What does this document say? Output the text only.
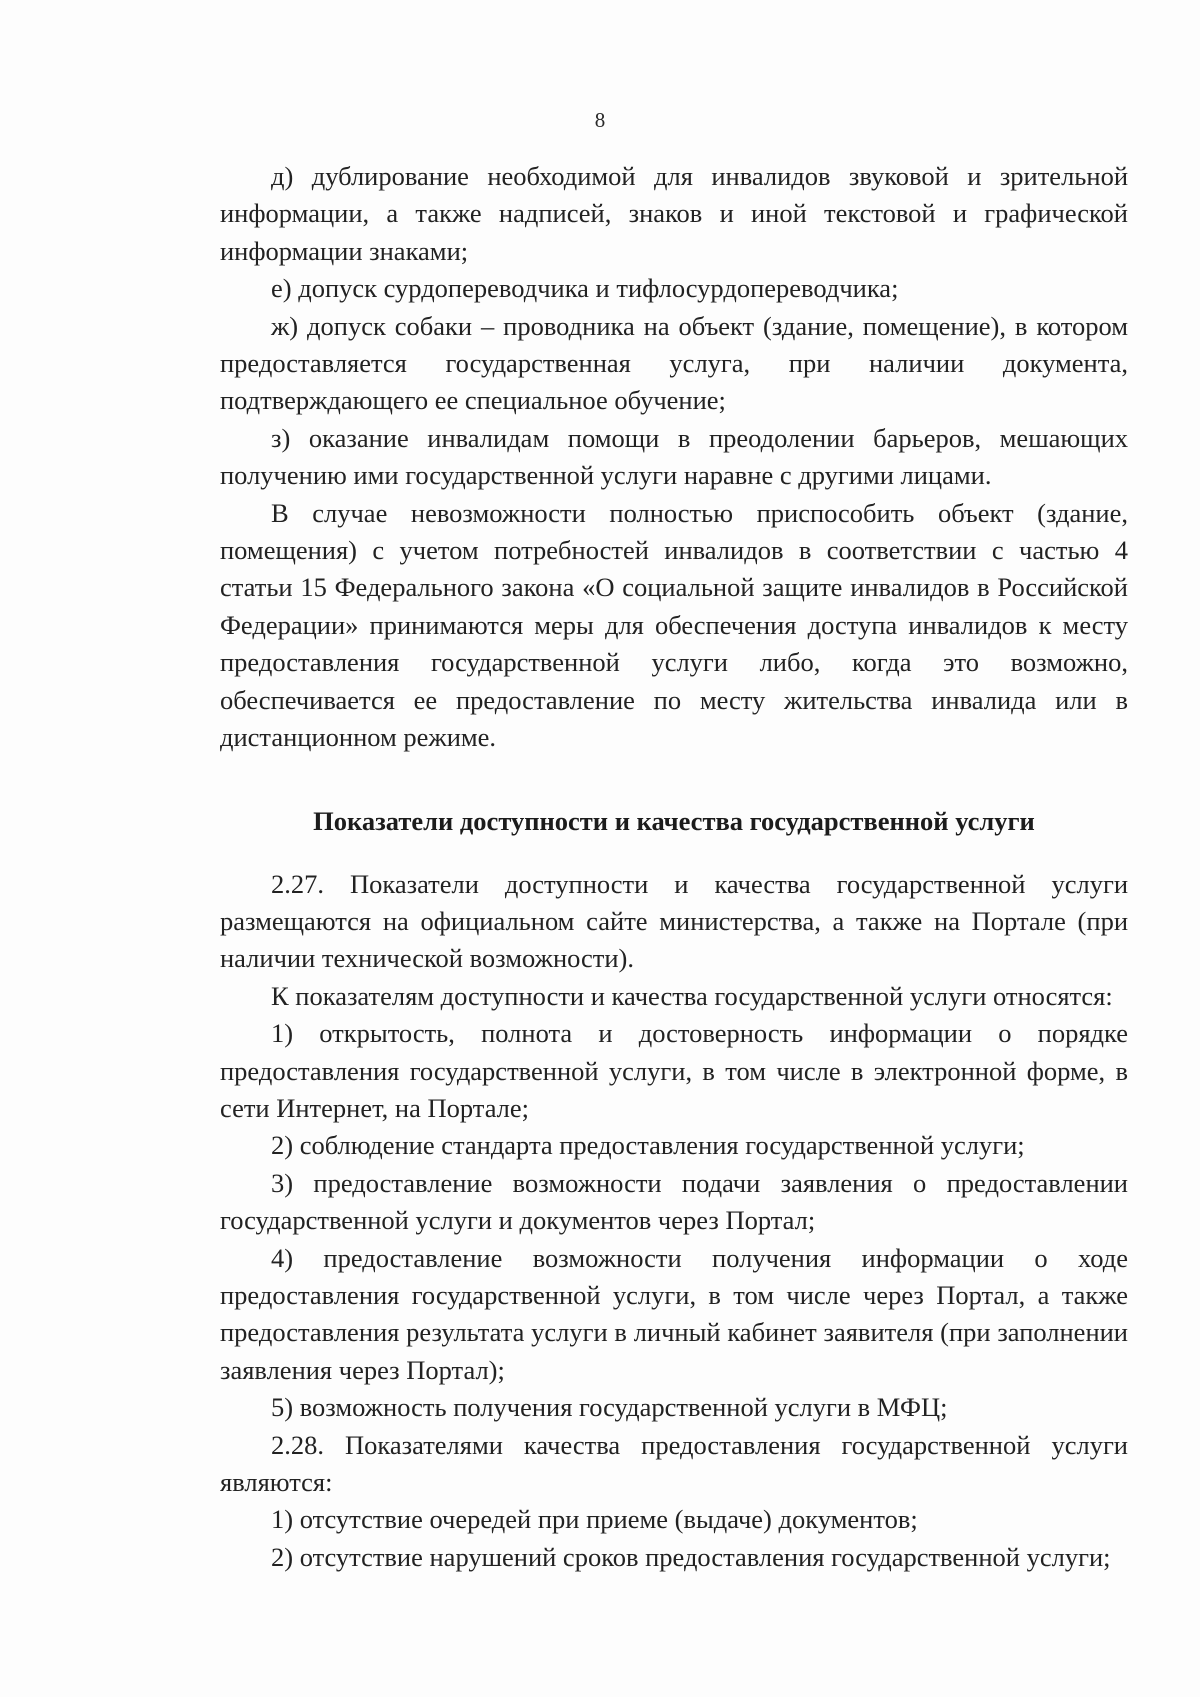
8

д) дублирование необходимой для инвалидов звуковой и зрительной информации, а также надписей, знаков и иной текстовой и графической информации знаками;

е) допуск сурдопереводчика и тифлосурдопереводчика;

ж) допуск собаки – проводника на объект (здание, помещение), в котором предоставляется государственная услуга, при наличии документа, подтверждающего ее специальное обучение;

з) оказание инвалидам помощи в преодолении барьеров, мешающих получению ими государственной услуги наравне с другими лицами.

В случае невозможности полностью приспособить объект (здание, помещения) с учетом потребностей инвалидов в соответствии с частью 4 статьи 15 Федерального закона «О социальной защите инвалидов в Российской Федерации» принимаются меры для обеспечения доступа инвалидов к месту предоставления государственной услуги либо, когда это возможно, обеспечивается ее предоставление по месту жительства инвалида или в дистанционном режиме.

Показатели доступности и качества государственной услуги

2.27. Показатели доступности и качества государственной услуги размещаются на официальном сайте министерства, а также на Портале (при наличии технической возможности).

К показателям доступности и качества государственной услуги относятся:

1) открытость, полнота и достоверность информации о порядке предоставления государственной услуги, в том числе в электронной форме, в сети Интернет, на Портале;

2) соблюдение стандарта предоставления государственной услуги;

3) предоставление возможности подачи заявления о предоставлении государственной услуги и документов через Портал;

4) предоставление возможности получения информации о ходе предоставления государственной услуги, в том числе через Портал, а также предоставления результата услуги в личный кабинет заявителя (при заполнении заявления через Портал);

5) возможность получения государственной услуги в МФЦ;

2.28. Показателями качества предоставления государственной услуги являются:

1) отсутствие очередей при приеме (выдаче) документов;

2) отсутствие нарушений сроков предоставления государственной услуги;
